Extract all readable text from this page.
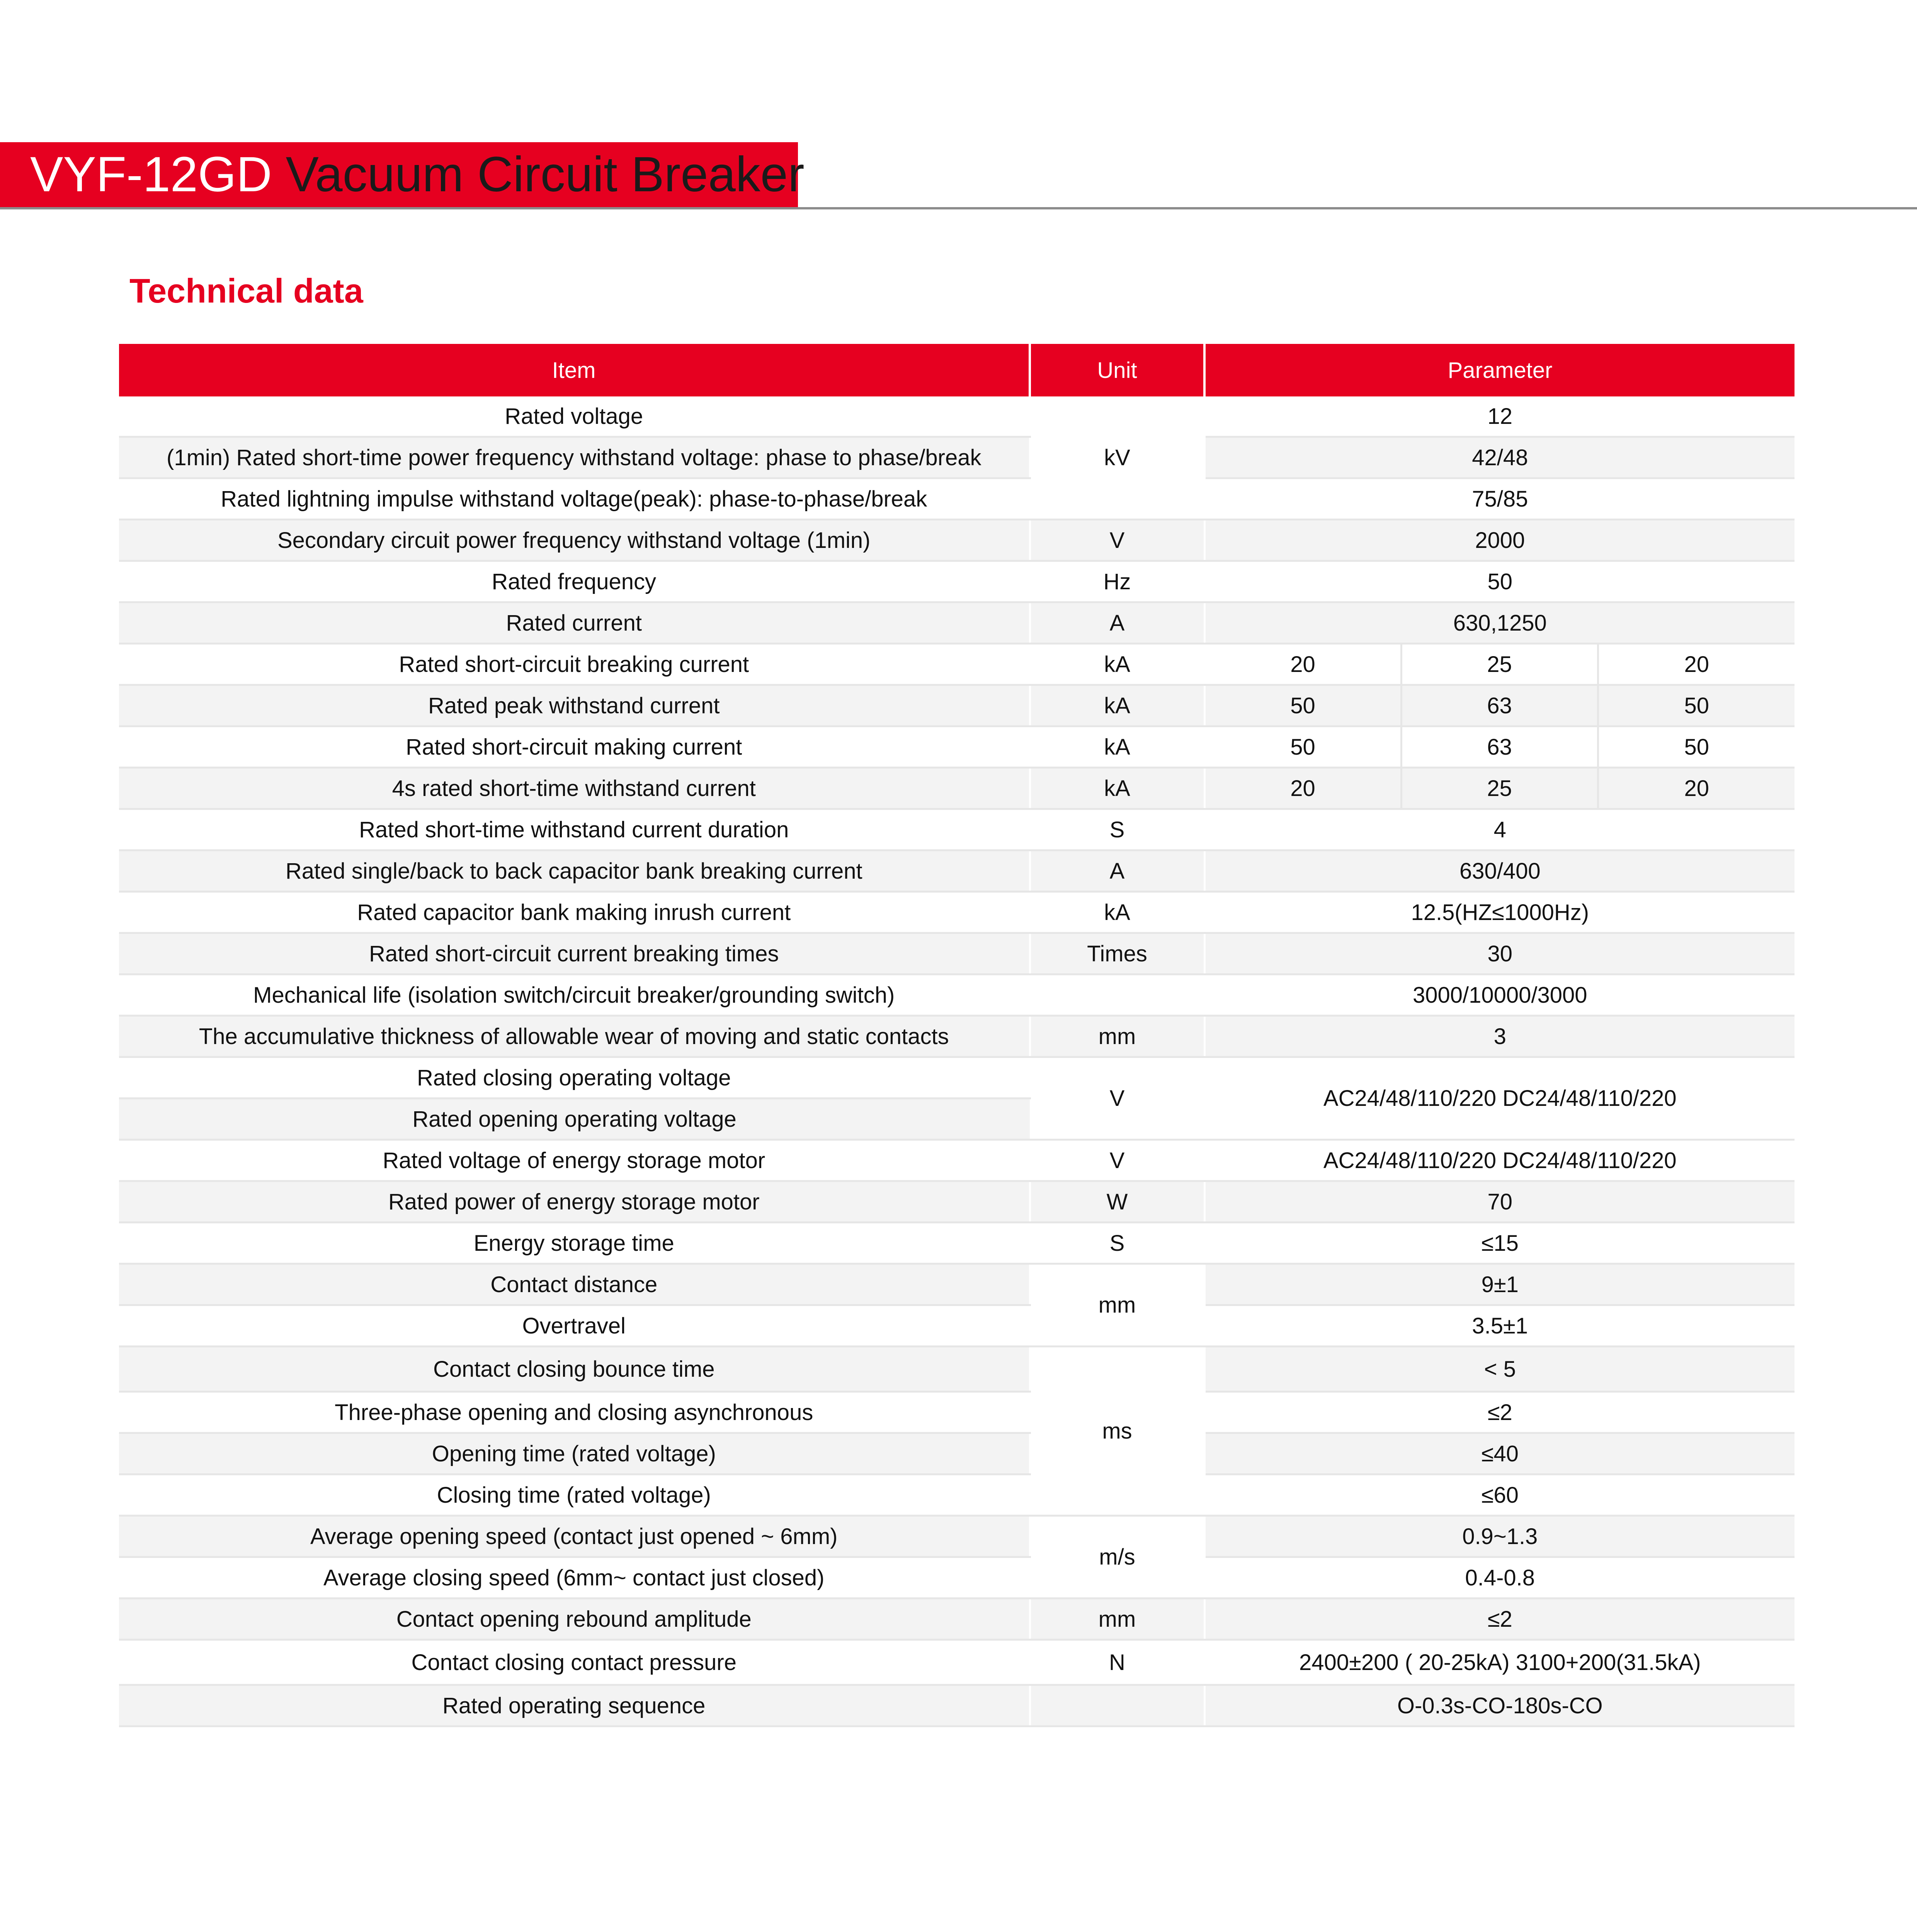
VYF-12GD Vacuum Circuit Breaker
Technical data
Item	Unit	Parameter		
Rated voltage	kV	12		
(1min) Rated short-time power frequency withstand voltage: phase to phase/break		42/48		
Rated lightning impulse withstand voltage(peak): phase-to-phase/break		75/85		
Secondary circuit power frequency withstand voltage (1min)	V	2000		
Rated frequency	Hz	50		
Rated current	A	630,1250		
Rated short-circuit breaking current	kA	20	25	20
Rated peak withstand current	kA	50	63	50
Rated short-circuit making current	kA	50	63	50
4s rated short-time withstand current	kA	20	25	20
Rated short-time withstand current duration	S	4		
Rated single/back to back capacitor bank breaking current	A	630/400		
Rated capacitor bank making inrush current	kA	12.5(HZ≤1000Hz)		
Rated short-circuit current breaking times	Times	30		
Mechanical life (isolation switch/circuit breaker/grounding switch)		3000/10000/3000		
The accumulative thickness of allowable wear of moving and static contacts	mm	3		
Rated closing operating voltage	V	AC24/48/110/220 DC24/48/110/220		
Rated opening operating voltage				
Rated voltage of energy storage motor	V	AC24/48/110/220 DC24/48/110/220		
Rated power of energy storage motor	W	70		
Energy storage time	S	≤15		
Contact distance	mm	9±1		
Overtravel		3.5±1		
Contact closing bounce time	ms	< 5		
Three-phase opening and closing asynchronous		≤2		
Opening time (rated voltage)		≤40		
Closing time (rated voltage)		≤60		
Average opening speed (contact just opened ~ 6mm)	m/s	0.9~1.3		
Average closing speed (6mm~ contact just closed)		0.4-0.8		
Contact opening rebound amplitude	mm	≤2		
Contact closing contact pressure	N	2400±200 ( 20-25kA) 3100+200(31.5kA)		
Rated operating sequence		O-0.3s-CO-180s-CO		
